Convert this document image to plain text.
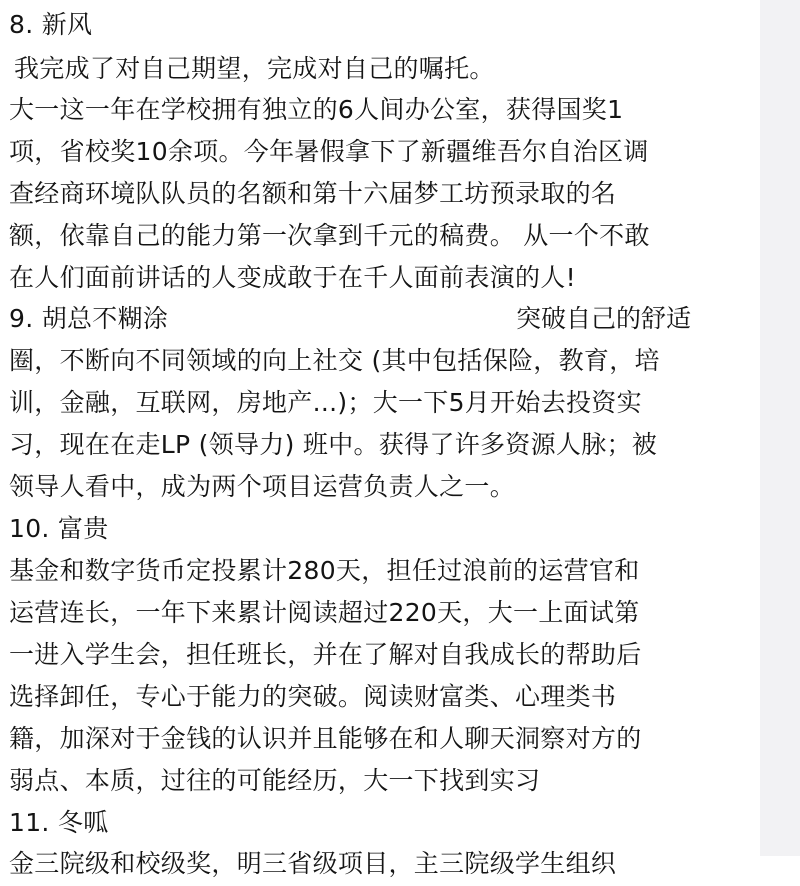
8. 新风
我完成了对自己期望，完成对自己的嘱托。
大一这一年在学校拥有独立的6人间办公室，获得国奖1
项，省校奖10余项。今年暑假拿下了新疆维吾尔自治区调
查经商环境队队员的名额和第十六届梦工坊预录取的名
额，依靠自己的能力第一次拿到千元的稿费。 从一个不敢
在人们面前讲话的人变成敢于在千人面前表演的人!
9. 胡总不糊涂	突破自己的舒适
圈，不断向不同领域的向上社交 (其中包括保险，教育，培
训，金融，互联网，房地产...)；大一下5月开始去投资实
习，现在在走LP (领导力) 班中。获得了许多资源人脉；被
领导人看中，成为两个项目运营负责人之一。
10. 富贵
基金和数字货币定投累计280天，担任过浪前的运营官和
运营连长，一年下来累计阅读超过220天，大一上面试第
一进入学生会，担任班长，并在了解对自我成长的帮助后
选择卸任，专心于能力的突破。阅读财富类、心理类书
籍，加深对于金钱的认识并且能够在和人聊天洞察对方的
弱点、本质，过往的可能经历，大一下找到实习
11. 冬呱
金三院级和校级奖，明三省级项目，主三院级学生组织
